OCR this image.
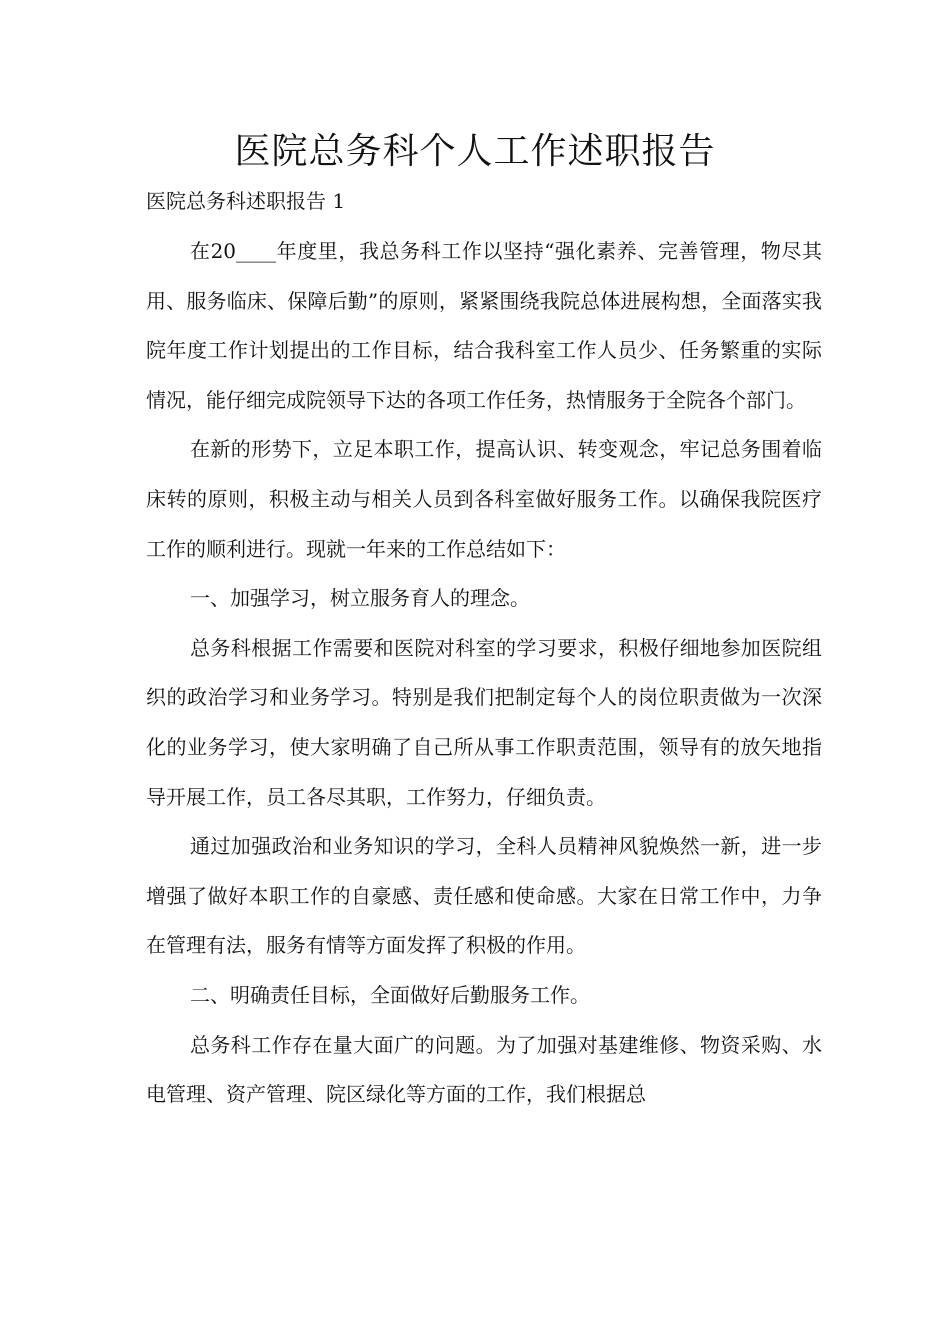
医院总务科个人工作述职报告

医院总务科述职报告 1

在20____年度里，我总务科工作以坚持“强化素养、完善管理，物尽其用、服务临床、保障后勤”的原则，紧紧围绕我院总体进展构想，全面落实我院年度工作计划提出的工作目标，结合我科室工作人员少、任务繁重的实际情况，能仔细完成院领导下达的各项工作任务，热情服务于全院各个部门。

在新的形势下，立足本职工作，提高认识、转变观念，牢记总务围着临床转的原则，积极主动与相关人员到各科室做好服务工作。以确保我院医疗工作的顺利进行。现就一年来的工作总结如下：

一、加强学习，树立服务育人的理念。

总务科根据工作需要和医院对科室的学习要求，积极仔细地参加医院组织的政治学习和业务学习。特别是我们把制定每个人的岗位职责做为一次深化的业务学习，使大家明确了自己所从事工作职责范围，领导有的放矢地指导开展工作，员工各尽其职，工作努力，仔细负责。

通过加强政治和业务知识的学习，全科人员精神风貌焕然一新，进一步增强了做好本职工作的自豪感、责任感和使命感。大家在日常工作中，力争在管理有法，服务有情等方面发挥了积极的作用。

二、明确责任目标，全面做好后勤服务工作。

总务科工作存在量大面广的问题。为了加强对基建维修、物资采购、水电管理、资产管理、院区绿化等方面的工作，我们根据总
